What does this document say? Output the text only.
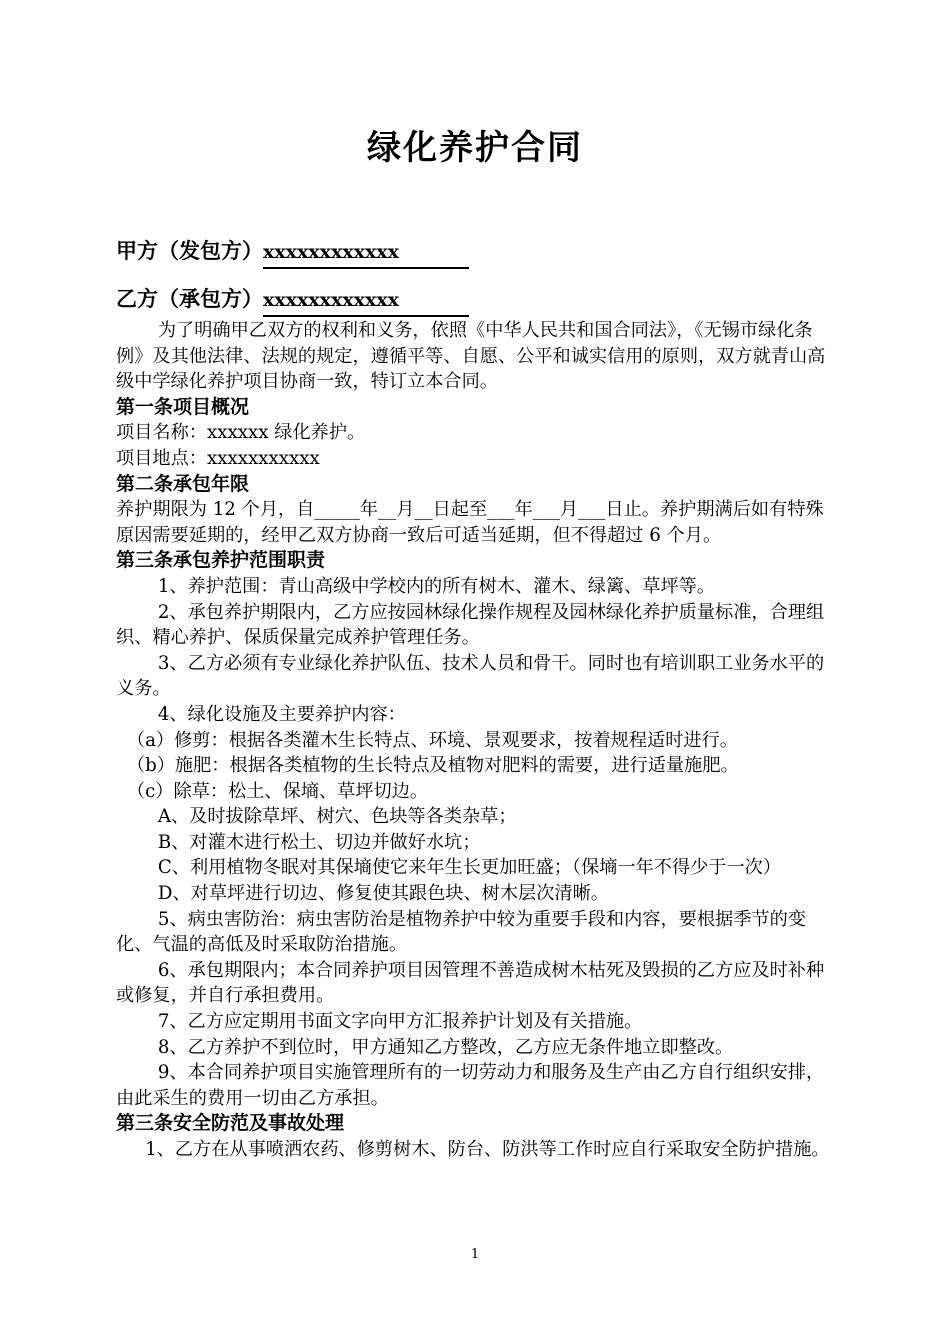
绿化养护合同
甲方（发包方）xxxxxxxxxxxx
乙方（承包方）xxxxxxxxxxxx

为了明确甲乙双方的权利和义务，依照《中华人民共和国合同法》，《无锡市绿化条例》及其他法律、法规的规定，遵循平等、自愿、公平和诚实信用的原则，双方就青山高级中学绿化养护项目协商一致，特订立本合同。

第一条项目概况

项目名称：xxxxxx 绿化养护。

项目地点：xxxxxxxxxxx

第二条承包年限

养护期限为 12 个月，自_____年__月__日起至___年___月___日止。养护期满后如有特殊原因需要延期的，经甲乙双方协商一致后可适当延期，但不得超过 6 个月。

第三条承包养护范围职责

1、养护范围：青山高级中学校内的所有树木、灌木、绿篱、草坪等。

2、承包养护期限内，乙方应按园林绿化操作规程及园林绿化养护质量标准，合理组织、精心养护、保质保量完成养护管理任务。

3、乙方必须有专业绿化养护队伍、技术人员和骨干。同时也有培训职工业务水平的义务。

4、绿化设施及主要养护内容：

（a）修剪：根据各类灌木生长特点、环境、景观要求，按着规程适时进行。

（b）施肥：根据各类植物的生长特点及植物对肥料的需要，进行适量施肥。

（c）除草：松土、保墒、草坪切边。

A、及时拔除草坪、树穴、色块等各类杂草；

B、对灌木进行松土、切边并做好水坑；

C、利用植物冬眠对其保墒使它来年生长更加旺盛；（保墒一年不得少于一次）

D、对草坪进行切边、修复使其跟色块、树木层次清晰。

5、病虫害防治：病虫害防治是植物养护中较为重要手段和内容，要根据季节的变化、气温的高低及时采取防治措施。

6、承包期限内；本合同养护项目因管理不善造成树木枯死及毁损的乙方应及时补种或修复，并自行承担费用。

7、乙方应定期用书面文字向甲方汇报养护计划及有关措施。

8、乙方养护不到位时，甲方通知乙方整改，乙方应无条件地立即整改。

9、本合同养护项目实施管理所有的一切劳动力和服务及生产由乙方自行组织安排，由此采生的费用一切由乙方承担。

第三条安全防范及事故处理

1、乙方在从事喷洒农药、修剪树木、防台、防洪等工作时应自行采取安全防护措施。

1
